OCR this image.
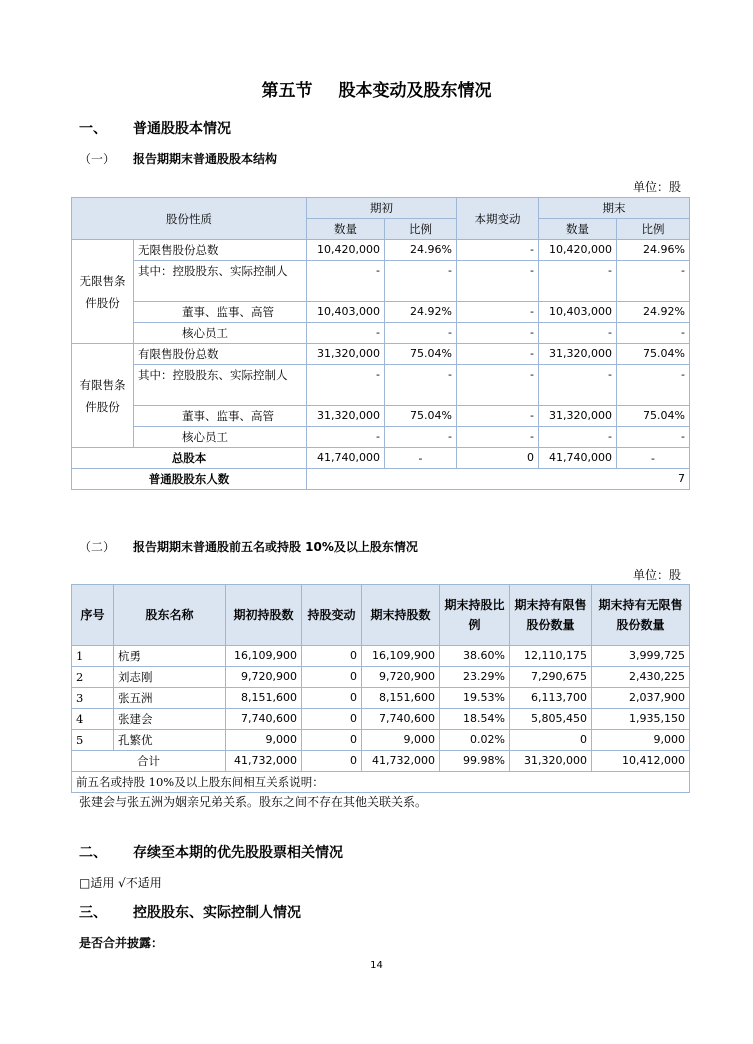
第五节 股本变动及股东情况
一、 普通股股本情况
（一） 报告期期末普通股股本结构
单位：股
股份性质		期初		本期变动	期末	
		数量	比例		数量	比例
无限售条件股份	无限售股份总数	10,420,000	24.96%	-	10,420,000	24.96%
	其中：控股股东、实际控制人	-	-	-	-	-
	董事、监事、高管	10,403,000	24.92%	-	10,403,000	24.92%
	核心员工	-	-	-	-	-
有限售条件股份	有限售股份总数	31,320,000	75.04%	-	31,320,000	75.04%
	其中：控股股东、实际控制人	-	-	-	-	-
	董事、监事、高管	31,320,000	75.04%	-	31,320,000	75.04%
	核心员工	-	-	-	-	-
总股本		41,740,000	-	0	41,740,000	-
普通股股东人数		7				
（二） 报告期期末普通股前五名或持股 10%及以上股东情况
单位：股
序号	股东名称	期初持股数	持股变动	期末持股数	期末持股比例	期末持有限售股份数量	期末持有无限售股份数量
1	杭勇	16,109,900	0	16,109,900	38.60%	12,110,175	3,999,725
2	刘志刚	9,720,900	0	9,720,900	23.29%	7,290,675	2,430,225
3	张五洲	8,151,600	0	8,151,600	19.53%	6,113,700	2,037,900
4	张建会	7,740,600	0	7,740,600	18.54%	5,805,450	1,935,150
5	孔繁优	9,000	0	9,000	0.02%	0	9,000
合计		41,732,000	0	41,732,000	99.98%	31,320,000	10,412,000
前五名或持股 10%及以上股东间相互关系说明：							
张建会与张五洲为姻亲兄弟关系。股东之间不存在其他关联关系。
二、 存续至本期的优先股股票相关情况
□适用 √不适用
三、 控股股东、实际控制人情况
是否合并披露：
14
